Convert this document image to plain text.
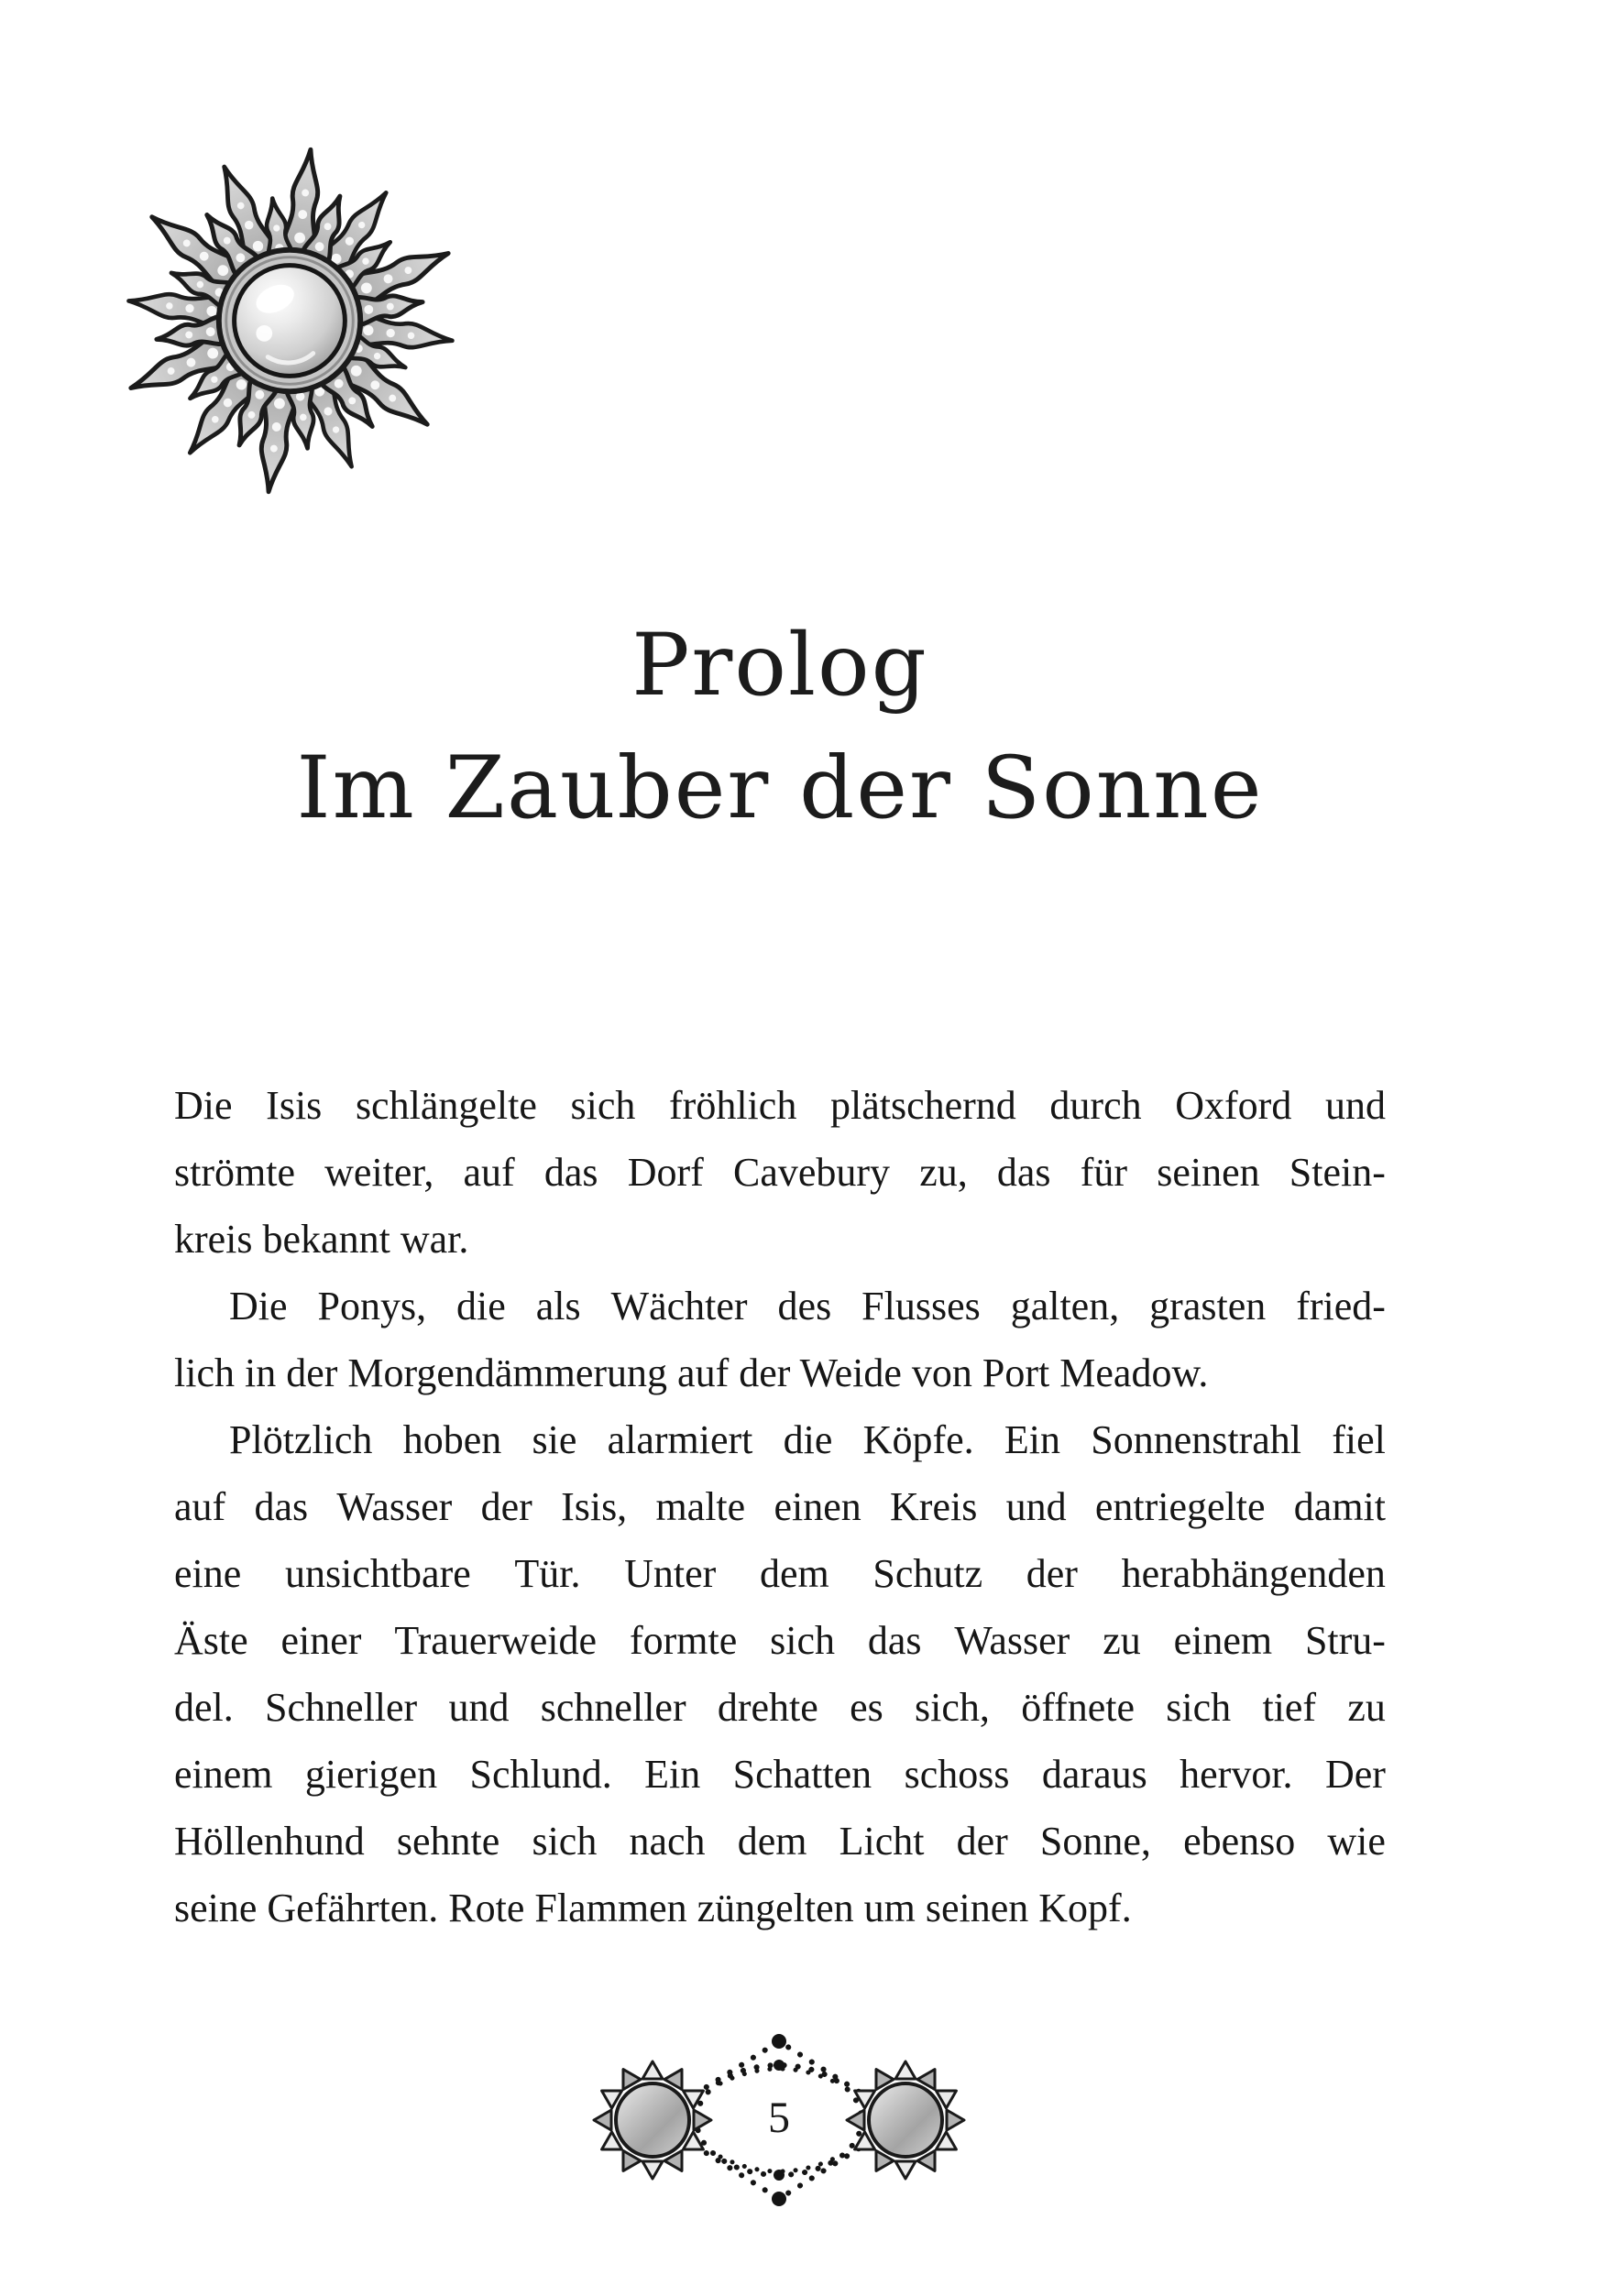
Prolog
Im Zauber der Sonne
Die Isis schlängelte sich fröhlich plätschernd durch Oxford und
strömte weiter, auf das Dorf Cavebury zu, das für seinen Stein-
kreis bekannt war.
Die Ponys, die als Wächter des Flusses galten, grasten fried-
lich in der Morgendämmerung auf der Weide von Port Meadow.
Plötzlich hoben sie alarmiert die Köpfe. Ein Sonnenstrahl fiel
auf das Wasser der Isis, malte einen Kreis und entriegelte damit
eine unsichtbare Tür. Unter dem Schutz der herabhängenden
Äste einer Trauerweide formte sich das Wasser zu einem Stru-
del. Schneller und schneller drehte es sich, öffnete sich tief zu
einem gierigen Schlund. Ein Schatten schoss daraus hervor. Der
Höllenhund sehnte sich nach dem Licht der Sonne, ebenso wie
seine Gefährten. Rote Flammen züngelten um seinen Kopf.
5
